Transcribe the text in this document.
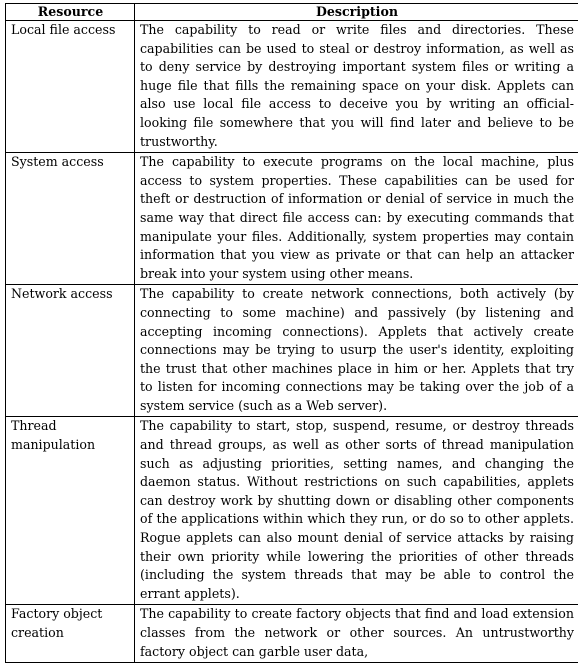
Resource	Description
Local file access	The capability to read or write files and directories. These capabilities can be used to steal or destroy information, as well as to deny service by destroying important system files or writing a huge file that fills the remaining space on your disk. Applets can also use local file access to deceive you by writing an official-looking file somewhere that you will find later and believe to be trustworthy.
System access	The capability to execute programs on the local machine, plus access to system properties. These capabilities can be used for theft or destruction of information or denial of service in much the same way that direct file access can: by executing commands that manipulate your files. Additionally, system properties may contain information that you view as private or that can help an attacker break into your system using other means.
Network access	The capability to create network connections, both actively (by connecting to some machine) and passively (by listening and accepting incoming connections). Applets that actively create connections may be trying to usurp the user's identity, exploiting the trust that other machines place in him or her. Applets that try to listen for incoming connections may be taking over the job of a system service (such as a Web server).
Thread manipulation	The capability to start, stop, suspend, resume, or destroy threads and thread groups, as well as other sorts of thread manipulation such as adjusting priorities, setting names, and changing the daemon status. Without restrictions on such capabilities, applets can destroy work by shutting down or disabling other components of the applications within which they run, or do so to other applets. Rogue applets can also mount denial of service attacks by raising their own priority while lowering the priorities of other threads (including the system threads that may be able to control the errant applets).
Factory object creation	The capability to create factory objects that find and load extension classes from the network or other sources. An untrustworthy factory object can garble user data,
